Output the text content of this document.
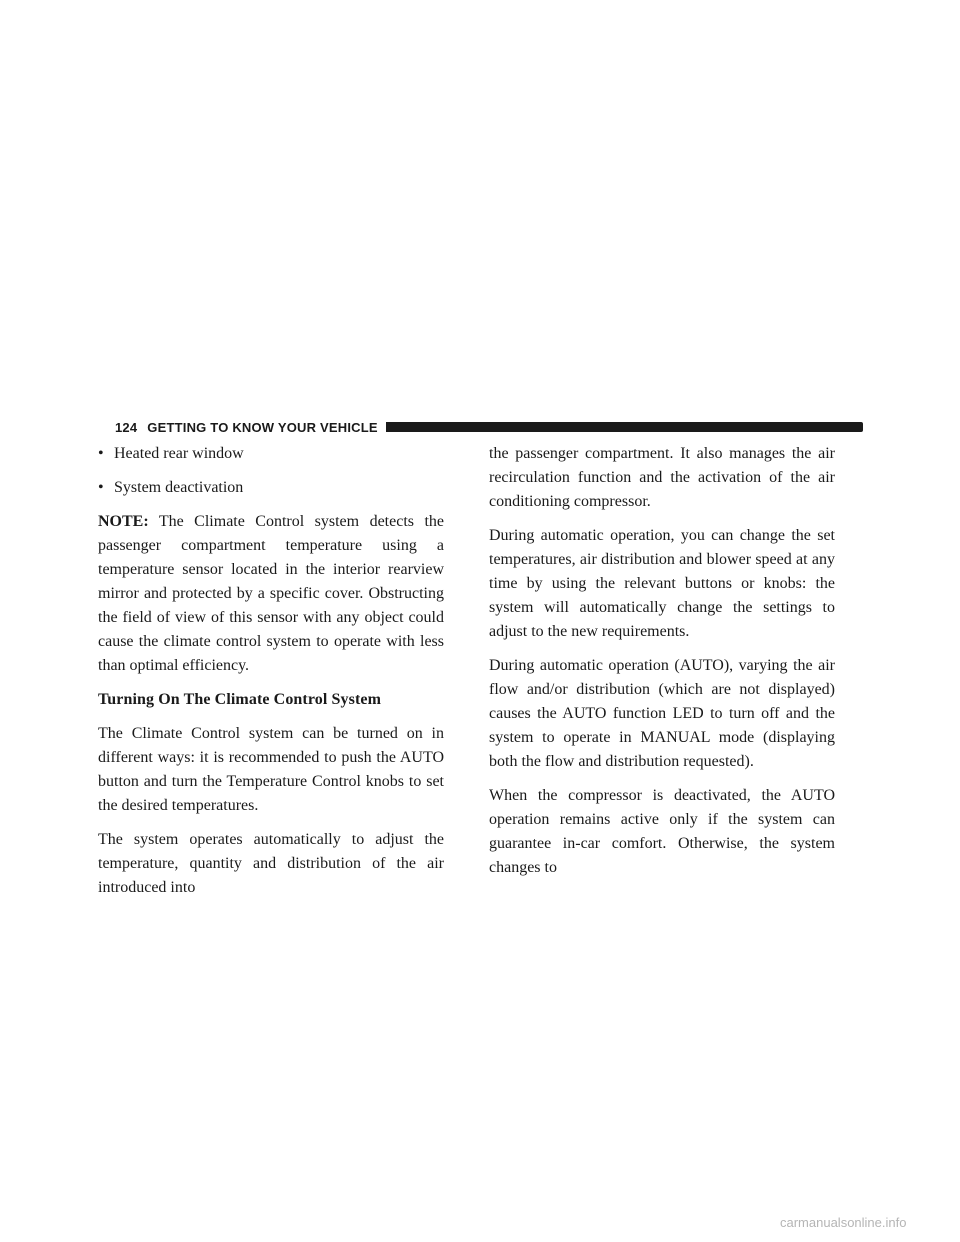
124 GETTING TO KNOW YOUR VEHICLE
• Heated rear window
• System deactivation

NOTE: The Climate Control system detects the passenger compartment temperature using a temperature sensor located in the interior rearview mirror and protected by a specific cover. Obstructing the field of view of this sensor with any object could cause the climate control system to operate with less than optimal efficiency.

Turning On The Climate Control System

The Climate Control system can be turned on in different ways: it is recommended to push the AUTO button and turn the Temperature Control knobs to set the desired temperatures.

The system operates automatically to adjust the temperature, quantity and distribution of the air introduced into

the passenger compartment. It also manages the air recirculation function and the activation of the air conditioning compressor.

During automatic operation, you can change the set temperatures, air distribution and blower speed at any time by using the relevant buttons or knobs: the system will automatically change the settings to adjust to the new requirements.

During automatic operation (AUTO), varying the air flow and/or distribution (which are not displayed) causes the AUTO function LED to turn off and the system to operate in MANUAL mode (displaying both the flow and distribution requested).

When the compressor is deactivated, the AUTO operation remains active only if the system can guarantee in-car comfort. Otherwise, the system changes to

carmanualsonline.info
